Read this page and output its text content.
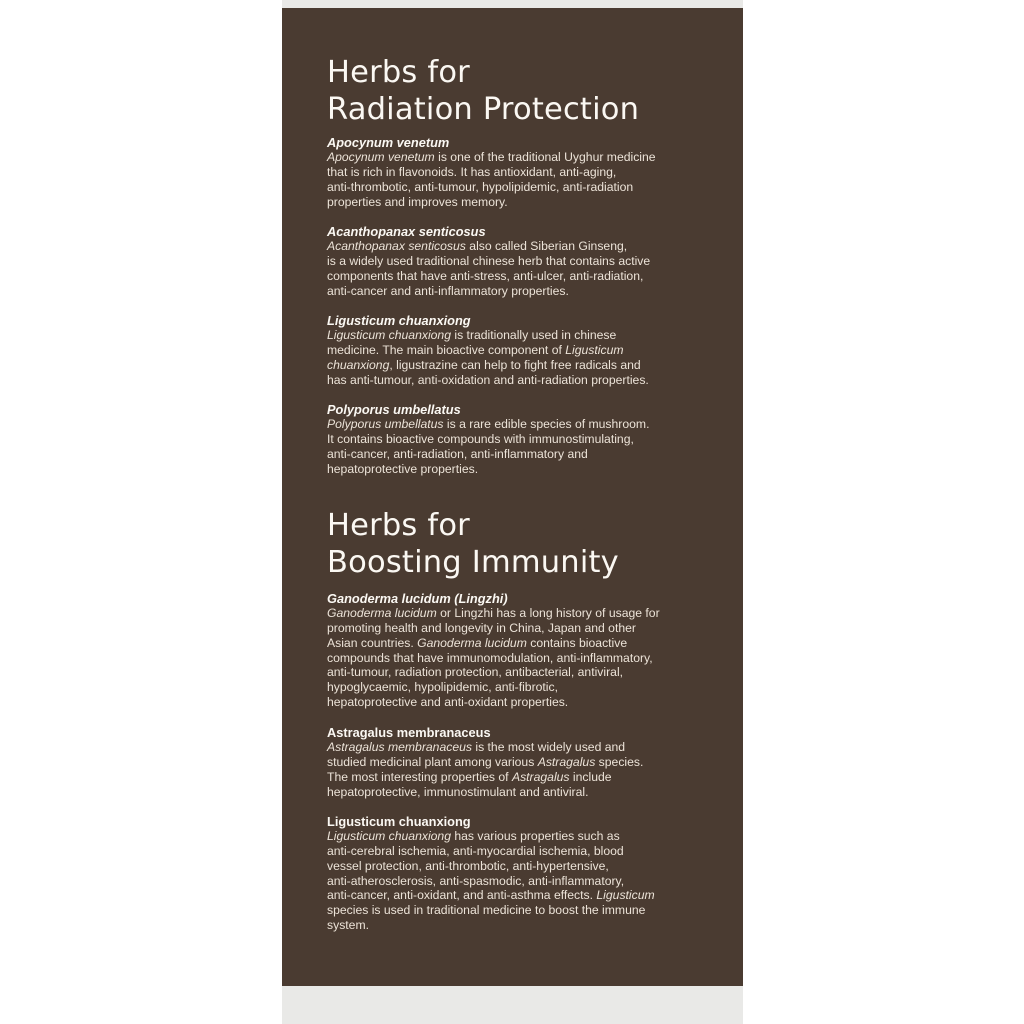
Herbs for
Radiation Protection

Apocynum venetum

Apocynum venetum is one of the traditional Uyghur medicine
that is rich in flavonoids. It has antioxidant, anti-aging,
anti-thrombotic, anti-tumour, hypolipidemic, anti-radiation
properties and improves memory.

Acanthopanax senticosus

Acanthopanax senticosus also called Siberian Ginseng,
is a widely used traditional chinese herb that contains active
components that have anti-stress, anti-ulcer, anti-radiation,
anti-cancer and anti-inflammatory properties.

Ligusticum chuanxiong

Ligusticum chuanxiong is traditionally used in chinese
medicine. The main bioactive component of Ligusticum
chuanxiong, ligustrazine can help to fight free radicals and
has anti-tumour, anti-oxidation and anti-radiation properties.

Polyporus umbellatus

Polyporus umbellatus is a rare edible species of mushroom.
It contains bioactive compounds with immunostimulating,
anti-cancer, anti-radiation, anti-inflammatory and
hepatoprotective properties.
Herbs for
Boosting Immunity

Ganoderma lucidum (Lingzhi)

Ganoderma lucidum or Lingzhi has a long history of usage for
promoting health and longevity in China, Japan and other
Asian countries. Ganoderma lucidum contains bioactive
compounds that have immunomodulation, anti-inflammatory,
anti-tumour, radiation protection, antibacterial, antiviral,
hypoglycaemic, hypolipidemic, anti-fibrotic,
hepatoprotective and anti-oxidant properties.

Astragalus membranaceus

Astragalus membranaceus is the most widely used and
studied medicinal plant among various Astragalus species.
The most interesting properties of Astragalus include
hepatoprotective, immunostimulant and antiviral.

Ligusticum chuanxiong

Ligusticum chuanxiong has various properties such as
anti-cerebral ischemia, anti-myocardial ischemia, blood
vessel protection, anti-thrombotic, anti-hypertensive,
anti-atherosclerosis, anti-spasmodic, anti-inflammatory,
anti-cancer, anti-oxidant, and anti-asthma effects. Ligusticum
species is used in traditional medicine to boost the immune
system.
